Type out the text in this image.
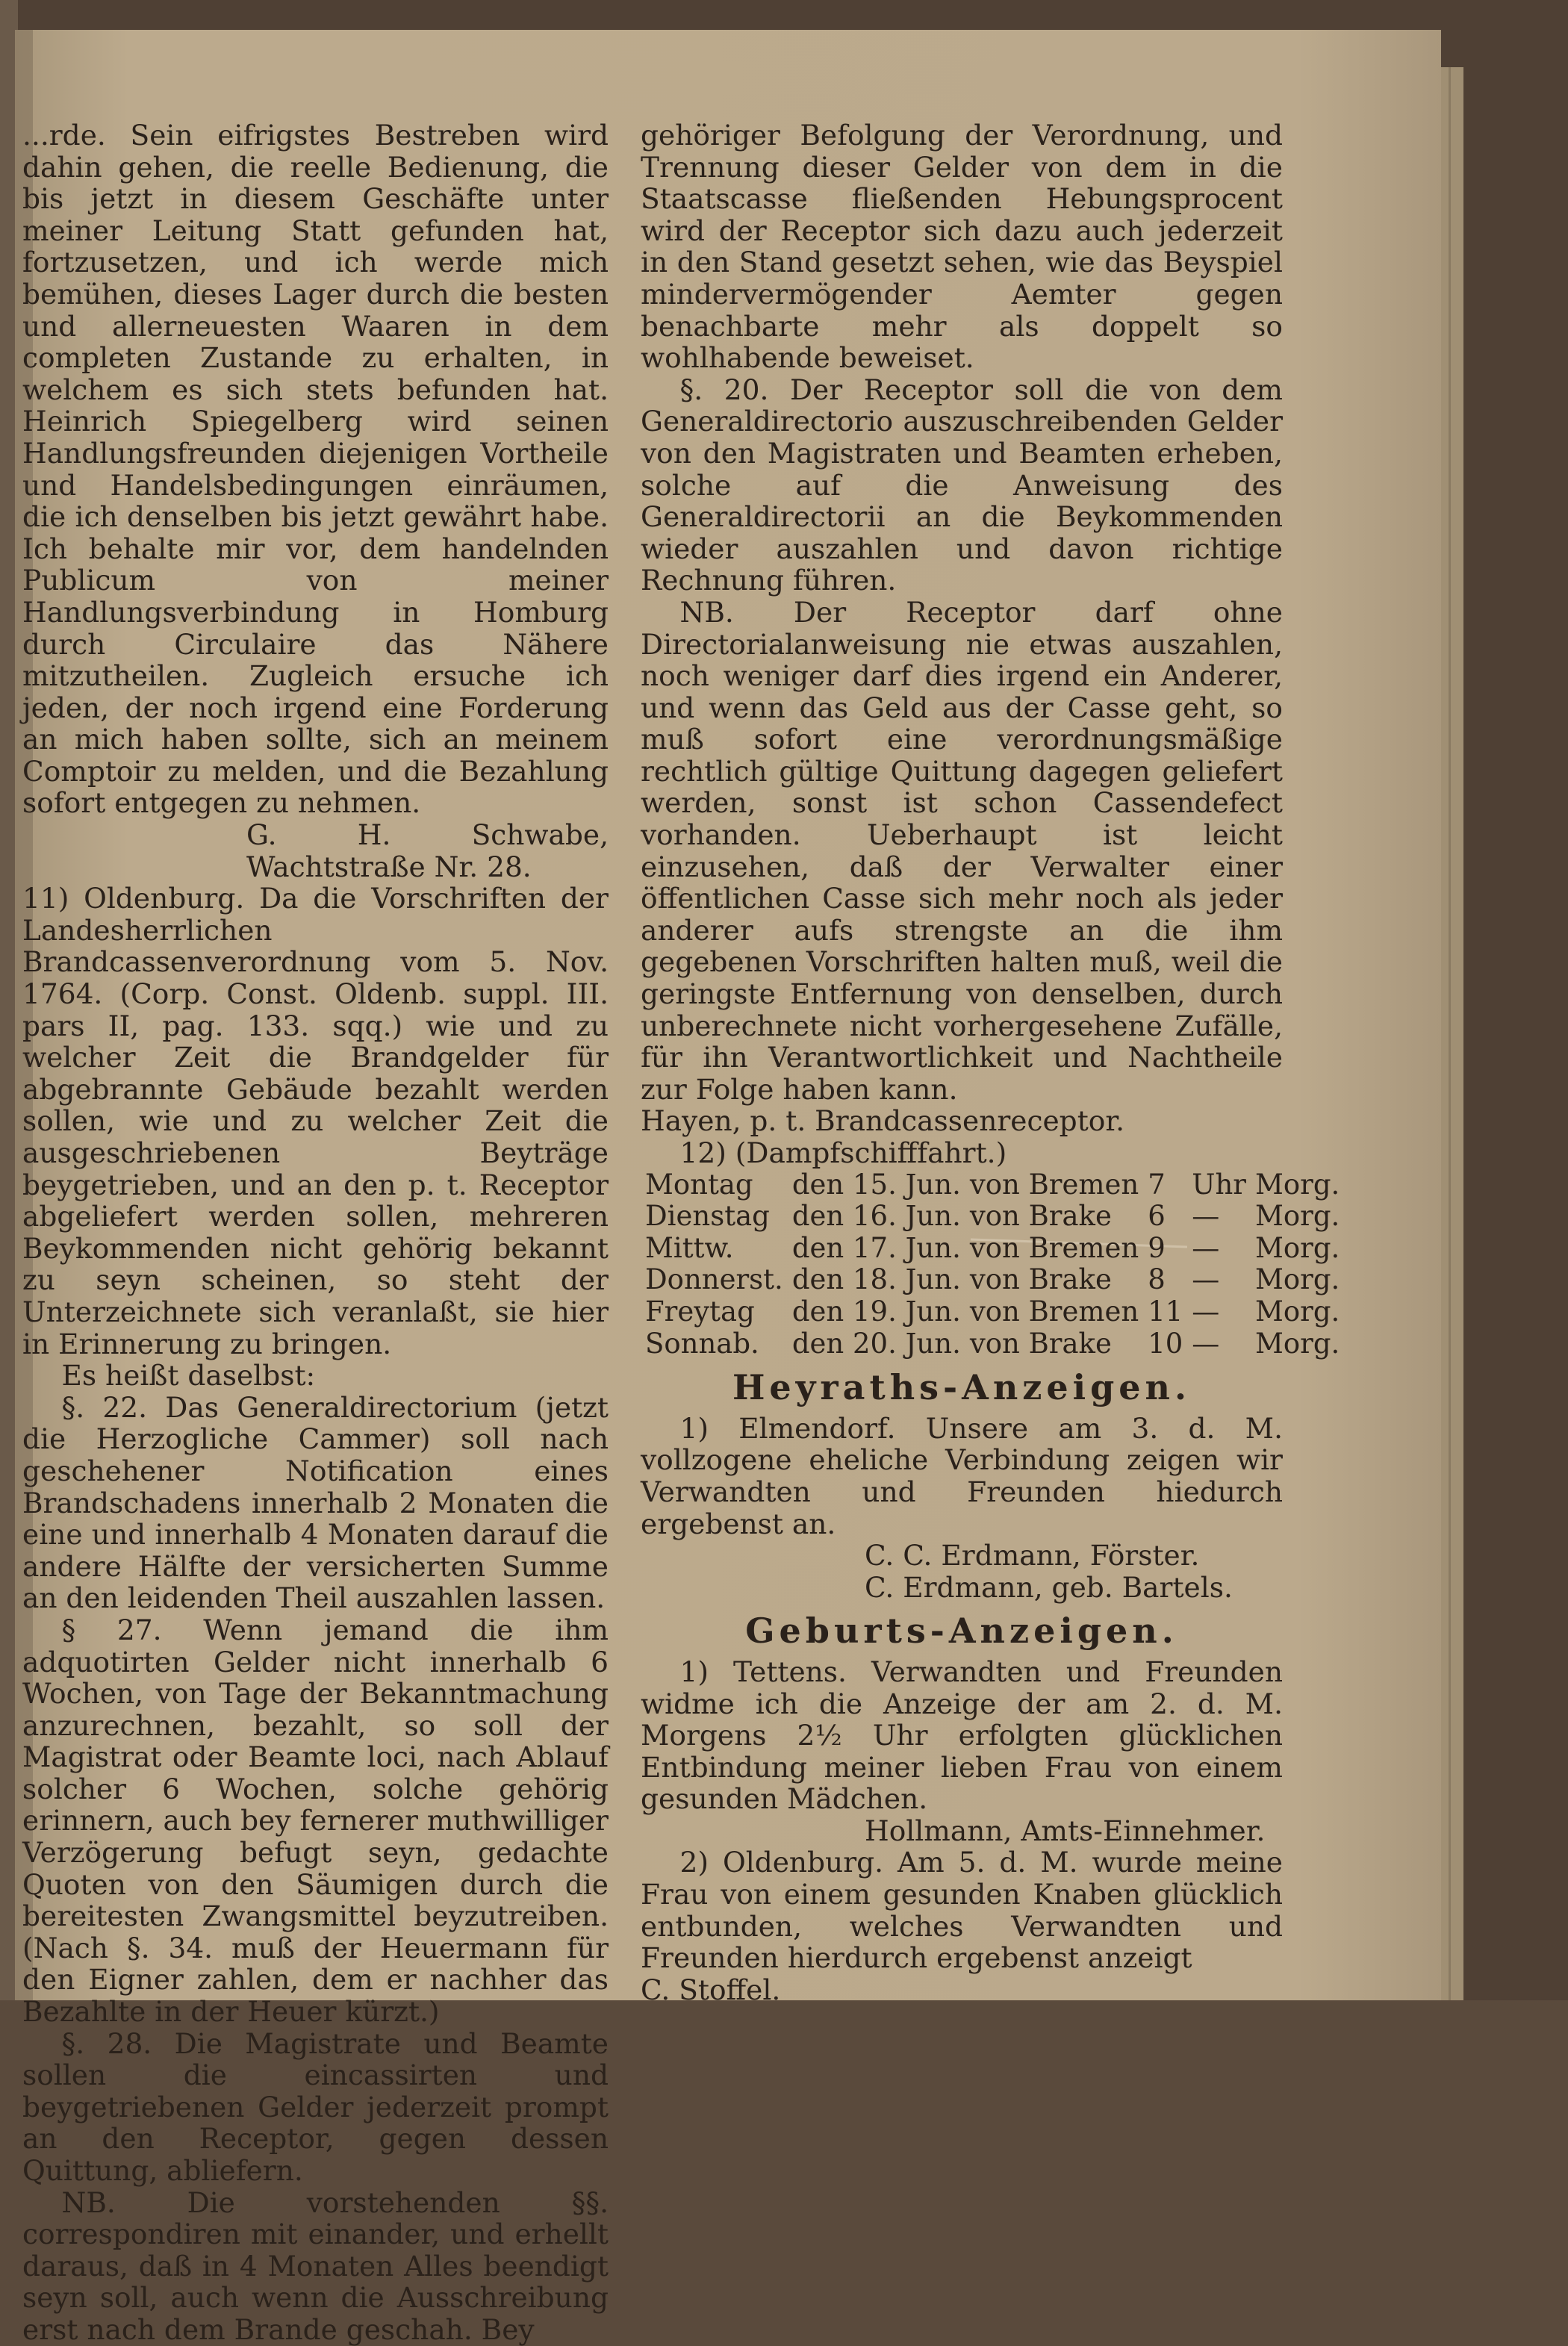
...rde. Sein eifrigstes Bestreben wird dahin gehen, die reelle Bedienung, die bis jetzt in diesem Geschäfte unter meiner Leitung Statt gefunden hat, fortzusetzen, und ich werde mich bemühen, dieses Lager durch die besten und allerneuesten Waaren in dem completen Zustande zu erhalten, in welchem es sich stets befunden hat. Heinrich Spiegelberg wird seinen Handlungsfreunden diejenigen Vortheile und Handelsbedingungen einräumen, die ich denselben bis jetzt gewährt habe. Ich behalte mir vor, dem handelnden Publicum von meiner Handlungsverbindung in Homburg durch Circulaire das Nähere mitzutheilen. Zugleich ersuche ich jeden, der noch irgend eine Forderung an mich haben sollte, sich an meinem Comptoir zu melden, und die Bezahlung sofort entgegen zu nehmen.

G. H. Schwabe, Wachtstraße Nr. 28.

11) Oldenburg. Da die Vorschriften der Landesherrlichen Brandcassenverordnung vom 5. Nov. 1764. (Corp. Const. Oldenb. suppl. III. pars II, pag. 133. sqq.) wie und zu welcher Zeit die Brandgelder für abgebrannte Gebäude bezahlt werden sollen, wie und zu welcher Zeit die ausgeschriebenen Beyträge beygetrieben, und an den p. t. Receptor abgeliefert werden sollen, mehreren Beykommenden nicht gehörig bekannt zu seyn scheinen, so steht der Unterzeichnete sich veranlaßt, sie hier in Erinnerung zu bringen.

Es heißt daselbst:

§. 22. Das Generaldirectorium (jetzt die Herzogliche Cammer) soll nach geschehener Notification eines Brandschadens innerhalb 2 Monaten die eine und innerhalb 4 Monaten darauf die andere Hälfte der versicherten Summe an den leidenden Theil auszahlen lassen.

§ 27. Wenn jemand die ihm adquotirten Gelder nicht innerhalb 6 Wochen, von Tage der Bekanntmachung anzurechnen, bezahlt, so soll der Magistrat oder Beamte loci, nach Ablauf solcher 6 Wochen, solche gehörig erinnern, auch bey fernerer muthwilliger Verzögerung befugt seyn, gedachte Quoten von den Säumigen durch die bereitesten Zwangsmittel beyzutreiben. (Nach §. 34. muß der Heuermann für den Eigner zahlen, dem er nachher das Bezahlte in der Heuer kürzt.)

§. 28. Die Magistrate und Beamte sollen die eincassirten und beygetriebenen Gelder jederzeit prompt an den Receptor, gegen dessen Quittung, abliefern.

NB. Die vorstehenden §§. correspondiren mit einander, und erhellt daraus, daß in 4 Monaten Alles beendigt seyn soll, auch wenn die Ausschreibung erst nach dem Brande geschah. Bey

gehöriger Befolgung der Verordnung, und Trennung dieser Gelder von dem in die Staatscasse fließenden Hebungsprocent wird der Receptor sich dazu auch jederzeit in den Stand gesetzt sehen, wie das Beyspiel mindervermögender Aemter gegen benachbarte mehr als doppelt so wohlhabende beweiset.

§. 20. Der Receptor soll die von dem Generaldirectorio auszuschreibenden Gelder von den Magistraten und Beamten erheben, solche auf die Anweisung des Generaldirectorii an die Beykommenden wieder auszahlen und davon richtige Rechnung führen.

NB. Der Receptor darf ohne Directorialanweisung nie etwas auszahlen, noch weniger darf dies irgend ein Anderer, und wenn das Geld aus der Casse geht, so muß sofort eine verordnungsmäßige rechtlich gültige Quittung dagegen geliefert werden, sonst ist schon Cassendefect vorhanden. Ueberhaupt ist leicht einzusehen, daß der Verwalter einer öffentlichen Casse sich mehr noch als jeder anderer aufs strengste an die ihm gegebenen Vorschriften halten muß, weil die geringste Entfernung von denselben, durch unberechnete nicht vorhergesehene Zufälle, für ihn Verantwortlichkeit und Nachtheile zur Folge haben kann.

Hayen, p. t. Brandcassenreceptor.

12) (Dampfschifffahrt.)

Montag	den 15. Jun.	von Bremen	7	Uhr	Morg.
Dienstag	den 16. Jun.	von Brake	6	—	Morg.
Mittw.	den 17. Jun.	von Bremen	9	—	Morg.
Donnerst.	den 18. Jun.	von Brake	8	—	Morg.
Freytag	den 19. Jun.	von Bremen	11	—	Morg.
Sonnab.	den 20. Jun.	von Brake	10	—	Morg.

Heyraths-Anzeigen.

1) Elmendorf. Unsere am 3. d. M. vollzogene eheliche Verbindung zeigen wir Verwandten und Freunden hiedurch ergebenst an.

C. C. Erdmann, Förster.

C. Erdmann, geb. Bartels.

Geburts-Anzeigen.

1) Tettens. Verwandten und Freunden widme ich die Anzeige der am 2. d. M. Morgens 2½ Uhr erfolgten glücklichen Entbindung meiner lieben Frau von einem gesunden Mädchen.

Hollmann, Amts-Einnehmer.

2) Oldenburg. Am 5. d. M. wurde meine Frau von einem gesunden Knaben glücklich entbunden, welches Verwandten und Freunden hierdurch ergebenst anzeigt

C. Stoffel.
